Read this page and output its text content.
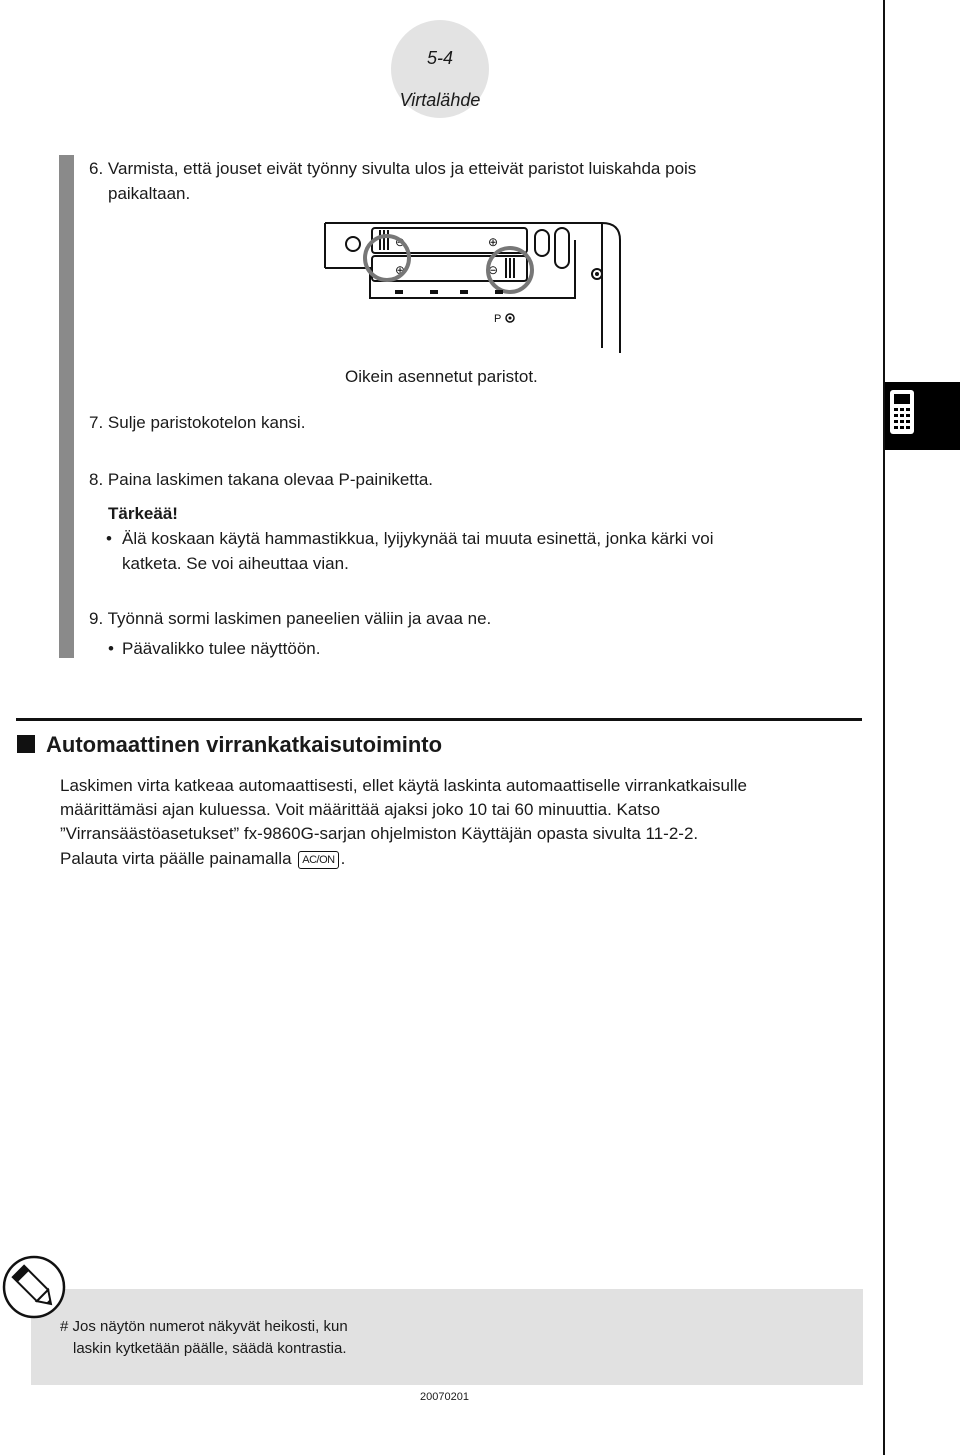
5-4
Virtalähde
6. Varmista, että jouset eivät työnny sivulta ulos ja etteivät paristot luiskahda pois
paikaltaan.
⊖	⊕
⊕	⊖
P
Oikein asennetut paristot.
7. Sulje paristokotelon kansi.
8. Paina laskimen takana olevaa P-painiketta.
Tärkeää!
• Älä koskaan käytä hammastikkua, lyijykynää tai muuta esinettä, jonka kärki voi
katketa. Se voi aiheuttaa vian.
9. Työnnä sormi laskimen paneelien väliin ja avaa ne.
• Päävalikko tulee näyttöön.
Automaattinen virrankatkaisutoiminto
Laskimen virta katkeaa automaattisesti, ellet käytä laskinta automaattiselle virrankatkaisulle
määrittämäsi ajan kuluessa. Voit määrittää ajaksi joko 10 tai 60 minuuttia. Katso
”Virransäästöasetukset” fx-9860G-sarjan ohjelmiston Käyttäjän opasta sivulta 11-2-2.
Palauta virta päälle painamalla AC/ON .
# Jos näytön numerot näkyvät heikosti, kun
laskin kytketään päälle, säädä kontrastia.
20070201
